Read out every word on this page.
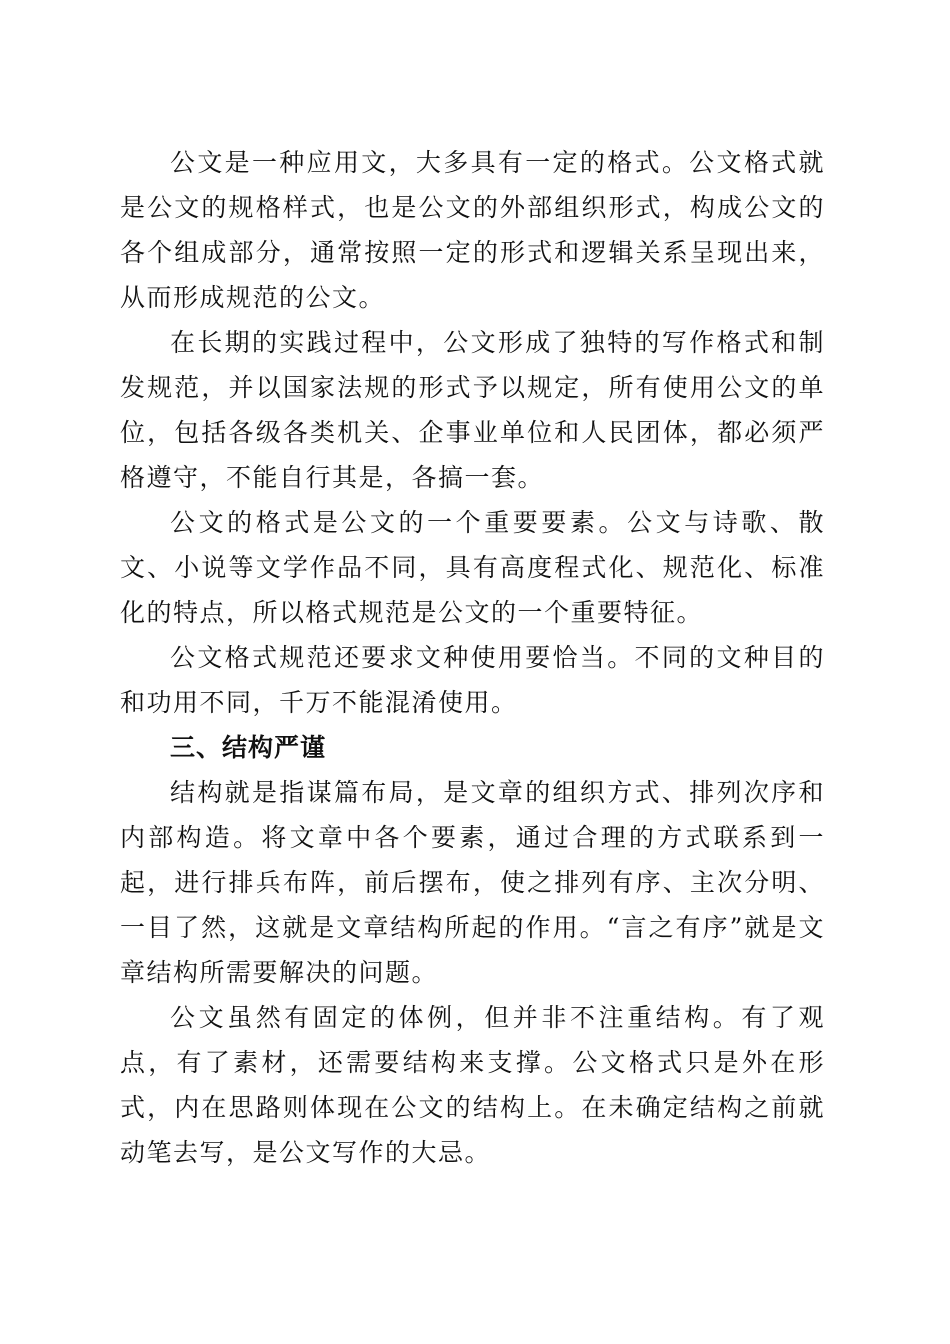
公文是一种应用文，大多具有一定的格式。公文格式就是公文的规格样式，也是公文的外部组织形式，构成公文的各个组成部分，通常按照一定的形式和逻辑关系呈现出来，从而形成规范的公文。

在长期的实践过程中，公文形成了独特的写作格式和制发规范，并以国家法规的形式予以规定，所有使用公文的单位，包括各级各类机关、企事业单位和人民团体，都必须严格遵守，不能自行其是，各搞一套。

公文的格式是公文的一个重要要素。公文与诗歌、散文、小说等文学作品不同，具有高度程式化、规范化、标准化的特点，所以格式规范是公文的一个重要特征。

公文格式规范还要求文种使用要恰当。不同的文种目的和功用不同，千万不能混淆使用。

三、结构严谨

结构就是指谋篇布局，是文章的组织方式、排列次序和内部构造。将文章中各个要素，通过合理的方式联系到一起，进行排兵布阵，前后摆布，使之排列有序、主次分明、一目了然，这就是文章结构所起的作用。“言之有序”就是文章结构所需要解决的问题。

公文虽然有固定的体例，但并非不注重结构。有了观点，有了素材，还需要结构来支撑。公文格式只是外在形式，内在思路则体现在公文的结构上。在未确定结构之前就动笔去写，是公文写作的大忌。
